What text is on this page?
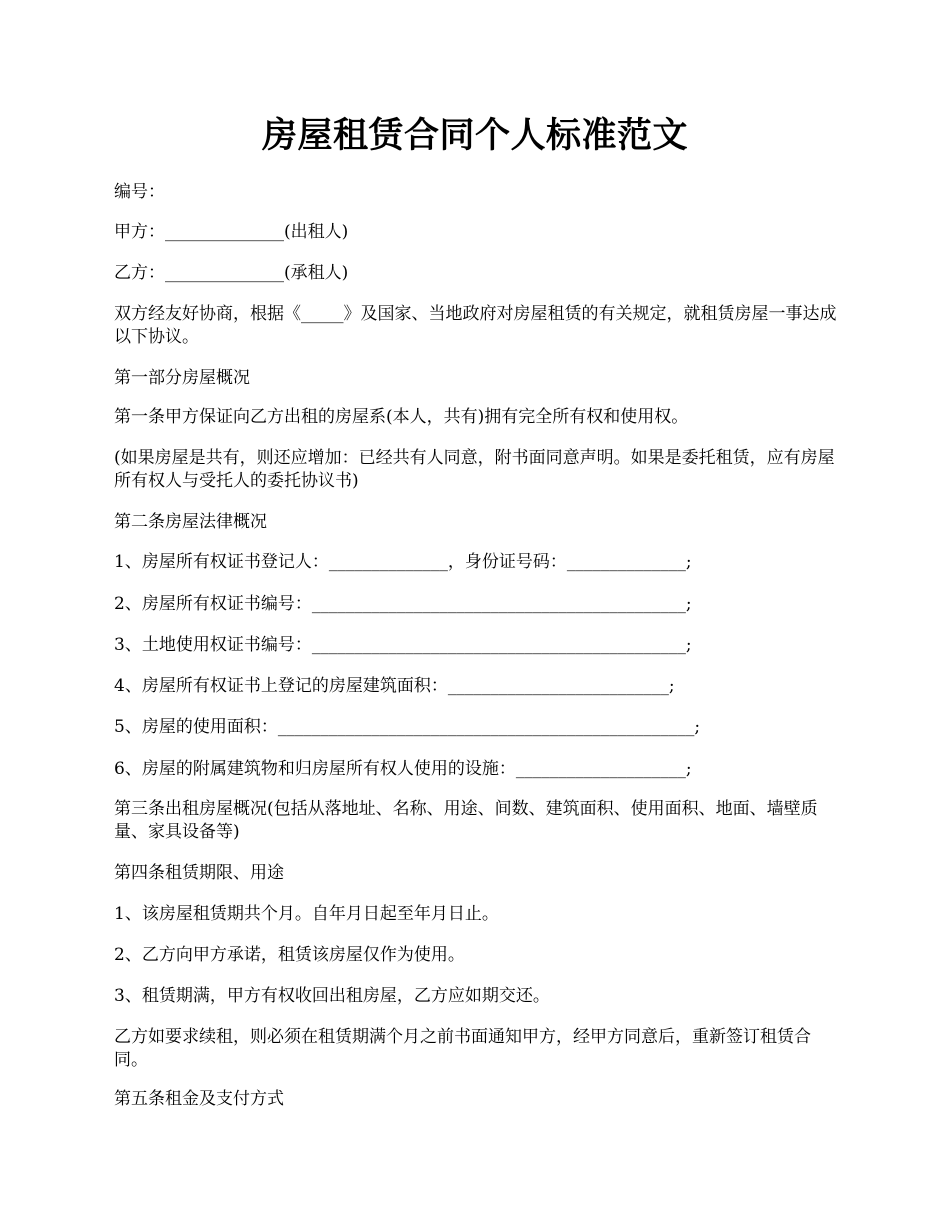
房屋租赁合同个人标准范文

编号：

甲方：______________(出租人)

乙方：______________(承租人)

双方经友好协商，根据《_____》及国家、当地政府对房屋租赁的有关规定，就租赁房屋一事达成以下协议。

第一部分房屋概况

第一条甲方保证向乙方出租的房屋系(本人，共有)拥有完全所有权和使用权。

(如果房屋是共有，则还应增加：已经共有人同意，附书面同意声明。如果是委托租赁，应有房屋所有权人与受托人的委托协议书)

第二条房屋法律概况

1、房屋所有权证书登记人：______________，身份证号码：______________;

2、房屋所有权证书编号：____________________________________________;

3、土地使用权证书编号：____________________________________________;

4、房屋所有权证书上登记的房屋建筑面积：__________________________;

5、房屋的使用面积：_________________________________________________;

6、房屋的附属建筑物和归房屋所有权人使用的设施：____________________;

第三条出租房屋概况(包括从落地址、名称、用途、间数、建筑面积、使用面积、地面、墙壁质量、家具设备等)

第四条租赁期限、用途

1、该房屋租赁期共个月。自年月日起至年月日止。

2、乙方向甲方承诺，租赁该房屋仅作为使用。

3、租赁期满，甲方有权收回出租房屋，乙方应如期交还。

乙方如要求续租，则必须在租赁期满个月之前书面通知甲方，经甲方同意后，重新签订租赁合同。

第五条租金及支付方式
